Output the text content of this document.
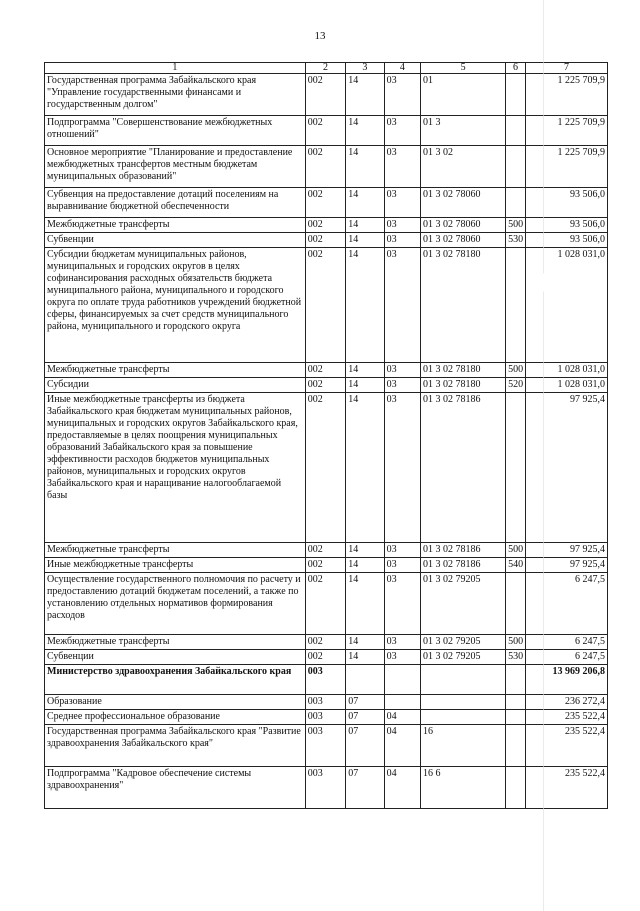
13
1	2	3	4	5	6	7
Государственная программа Забайкальского края "Управление государственными финансами и государственным долгом"	002	14	03	01		1 225 709,9
Подпрограмма "Совершенствование межбюджетных отношений"	002	14	03	01 3		1 225 709,9
Основное мероприятие "Планирование и предоставление межбюджетных трансфертов местным бюджетам муниципальных образований"	002	14	03	01 3 02		1 225 709,9
Субвенция на предоставление дотаций поселениям на выравнивание бюджетной обеспеченности	002	14	03	01 3 02 78060		93 506,0
Межбюджетные трансферты	002	14	03	01 3 02 78060	500	93 506,0
Субвенции	002	14	03	01 3 02 78060	530	93 506,0
Субсидии бюджетам муниципальных районов, муниципальных и городских округов в целях софинансирования расходных обязательств бюджета муниципального района, муниципального и городского округа по оплате труда работников учреждений бюджетной сферы, финансируемых за счет средств муниципального района, муниципального и городского округа	002	14	03	01 3 02 78180		1 028 031,0
Межбюджетные трансферты	002	14	03	01 3 02 78180	500	1 028 031,0
Субсидии	002	14	03	01 3 02 78180	520	1 028 031,0
Иные межбюджетные трансферты из бюджета Забайкальского края бюджетам муниципальных районов, муниципальных и городских округов Забайкальского края, предоставляемые в целях поощрения муниципальных образований Забайкальского края за повышение эффективности расходов бюджетов муниципальных районов, муниципальных и городских округов Забайкальского края и наращивание налогооблагаемой базы	002	14	03	01 3 02 78186		97 925,4
Межбюджетные трансферты	002	14	03	01 3 02 78186	500	97 925,4
Иные межбюджетные трансферты	002	14	03	01 3 02 78186	540	97 925,4
Осуществление государственного полномочия по расчету и предоставлению дотаций бюджетам поселений, а также по установлению отдельных нормативов формирования расходов	002	14	03	01 3 02 79205		6 247,5
Межбюджетные трансферты	002	14	03	01 3 02 79205	500	6 247,5
Субвенции	002	14	03	01 3 02 79205	530	6 247,5
Министерство здравоохранения Забайкальского края	003					13 969 206,8
Образование	003	07				236 272,4
Среднее профессиональное образование	003	07	04			235 522,4
Государственная программа Забайкальского края "Развитие здравоохранения Забайкальского края"	003	07	04	16		235 522,4
Подпрограмма "Кадровое обеспечение системы здравоохранения"	003	07	04	16 6		235 522,4
